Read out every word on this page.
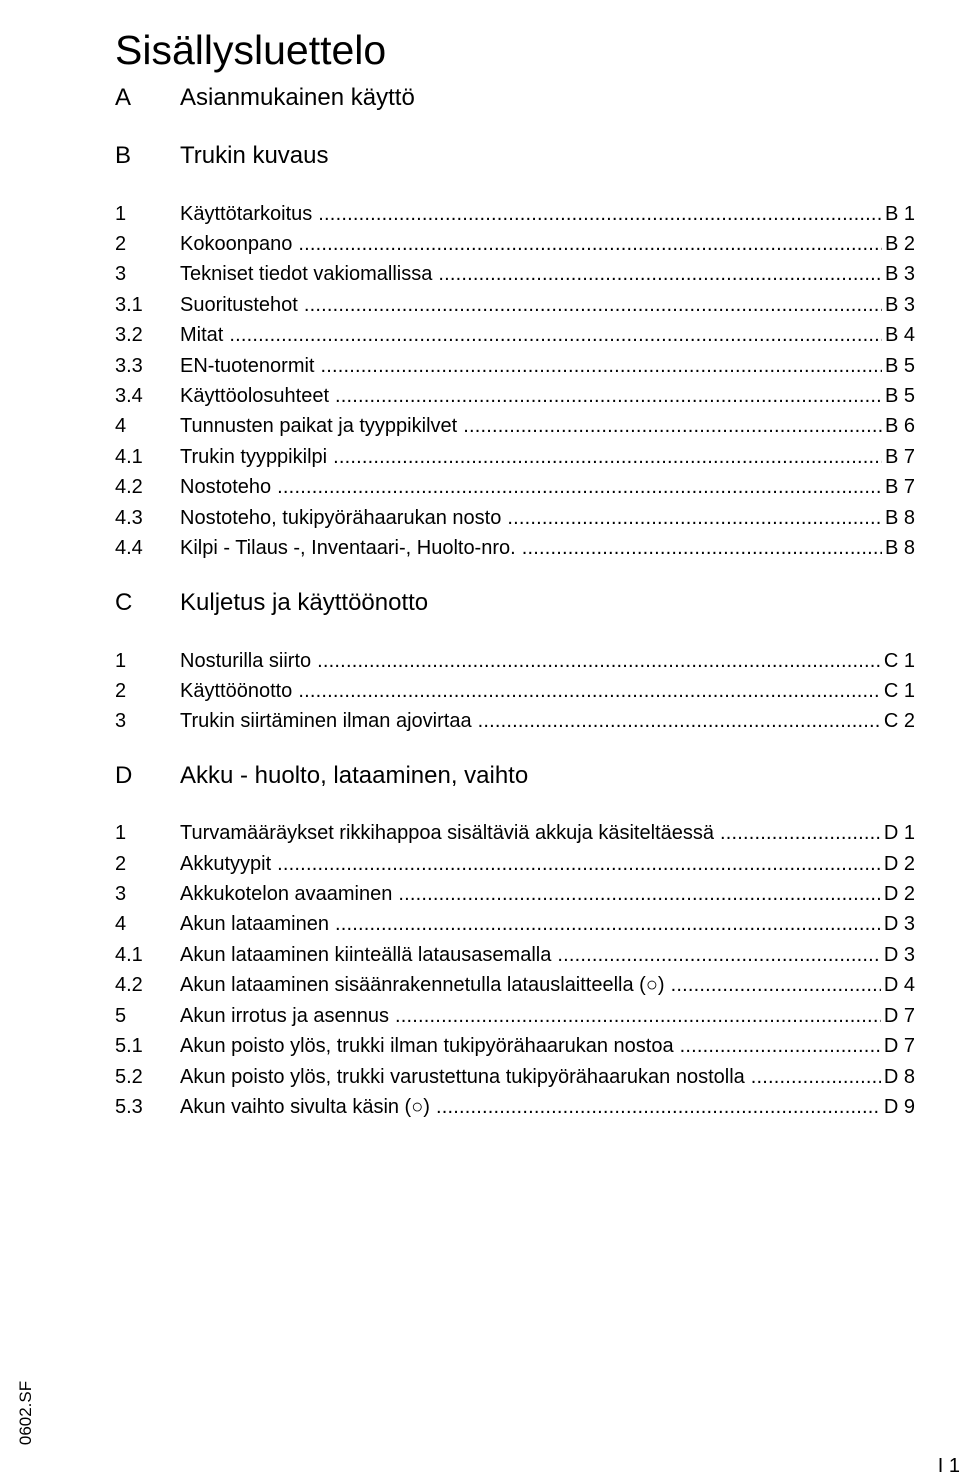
Sisällysluettelo
A Asianmukainen käyttö
B Trukin kuvaus
1	Käyttötarkoitus .....	B 1
2	Kokoonpano .....	B 2
3	Tekniset tiedot vakiomallissa .....	B 3
3.1 Suoritustehot .....	B 3
3.2 Mitat .....	B 4
3.3 EN-tuotenormit .....	B 5
3.4 Käyttöolosuhteet .....	B 5
4	Tunnusten paikat ja tyyppikilvet .....	B 6
4.1 Trukin tyyppikilpi .....	B 7
4.2 Nostoteho .....	B 7
4.3 Nostoteho, tukipyörähaarukan nosto .....	B 8
4.4 Kilpi - Tilaus -, Inventaari-, Huolto-nro. .....	B 8
C Kuljetus ja käyttöönotto
1	Nosturilla siirto .....	C 1
2	Käyttöönotto .....	C 1
3	Trukin siirtäminen ilman ajovirtaa .....	C 2
D Akku - huolto, lataaminen, vaihto
1	Turvamääräykset rikkihappoa sisältäviä akkuja käsiteltäessä .....	D 1
2	Akkutyypit .....	D 2
3	Akkukotelon avaaminen .....	D 2
4	Akun lataaminen .....	D 3
4.1 Akun lataaminen kiinteällä latausasemalla .....	D 3
4.2 Akun lataaminen sisäänrakennetulla latauslaitteella (○) .....	D 4
5	Akun irrotus ja asennus .....	D 7
5.1 Akun poisto ylös, trukki ilman tukipyörähaarukan nostoa .....	D 7
5.2 Akun poisto ylös, trukki varustettuna tukipyörähaarukan nostolla .....	D 8
5.3 Akun vaihto sivulta käsin (○) .....	D 9
0602.SF
I 1
